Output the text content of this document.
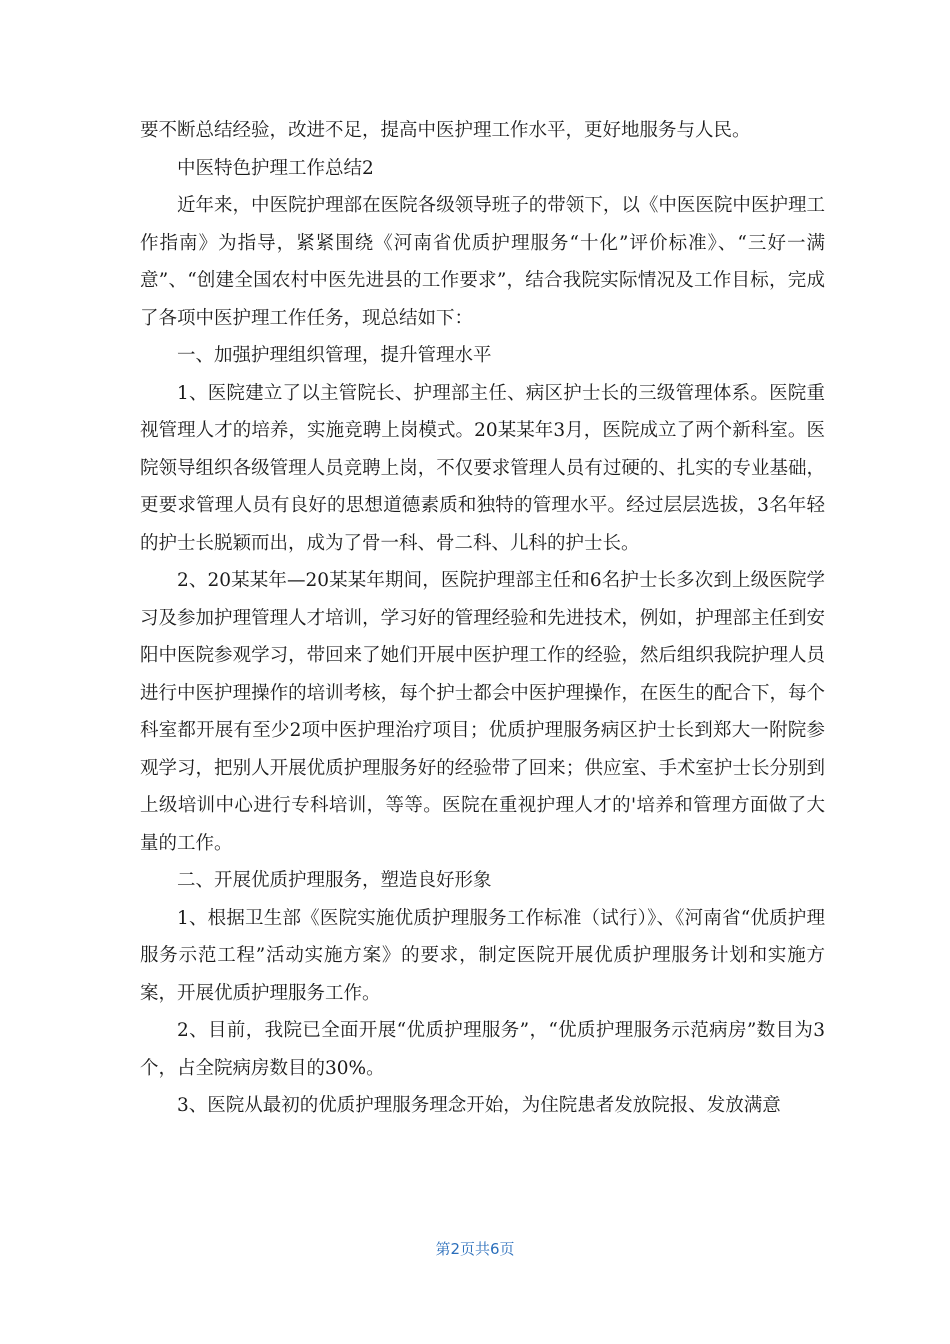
要不断总结经验，改进不足，提高中医护理工作水平，更好地服务与人民。

中医特色护理工作总结2

近年来，中医院护理部在医院各级领导班子的带领下，以《中医医院中医护理工作指南》为指导，紧紧围绕《河南省优质护理服务“十化”评价标准》、“三好一满意”、“创建全国农村中医先进县的工作要求”，结合我院实际情况及工作目标，完成了各项中医护理工作任务，现总结如下：

一、加强护理组织管理，提升管理水平

1、医院建立了以主管院长、护理部主任、病区护士长的三级管理体系。医院重视管理人才的培养，实施竞聘上岗模式。20某某年3月，医院成立了两个新科室。医院领导组织各级管理人员竞聘上岗，不仅要求管理人员有过硬的、扎实的专业基础，更要求管理人员有良好的思想道德素质和独特的管理水平。经过层层选拔，3名年轻的护士长脱颖而出，成为了骨一科、骨二科、儿科的护士长。

2、20某某年—20某某年期间，医院护理部主任和6名护士长多次到上级医院学习及参加护理管理人才培训，学习好的管理经验和先进技术，例如，护理部主任到安阳中医院参观学习，带回来了她们开展中医护理工作的经验，然后组织我院护理人员进行中医护理操作的培训考核，每个护士都会中医护理操作，在医生的配合下，每个科室都开展有至少2项中医护理治疗项目；优质护理服务病区护士长到郑大一附院参观学习，把别人开展优质护理服务好的经验带了回来；供应室、手术室护士长分别到上级培训中心进行专科培训，等等。医院在重视护理人才的'培养和管理方面做了大量的工作。

二、开展优质护理服务，塑造良好形象

1、根据卫生部《医院实施优质护理服务工作标准（试行）》、《河南省“优质护理服务示范工程”活动实施方案》的要求，制定医院开展优质护理服务计划和实施方案，开展优质护理服务工作。

2、目前，我院已全面开展“优质护理服务”，“优质护理服务示范病房”数目为3个，占全院病房数目的30%。

3、医院从最初的优质护理服务理念开始，为住院患者发放院报、发放满意

第2页共6页
